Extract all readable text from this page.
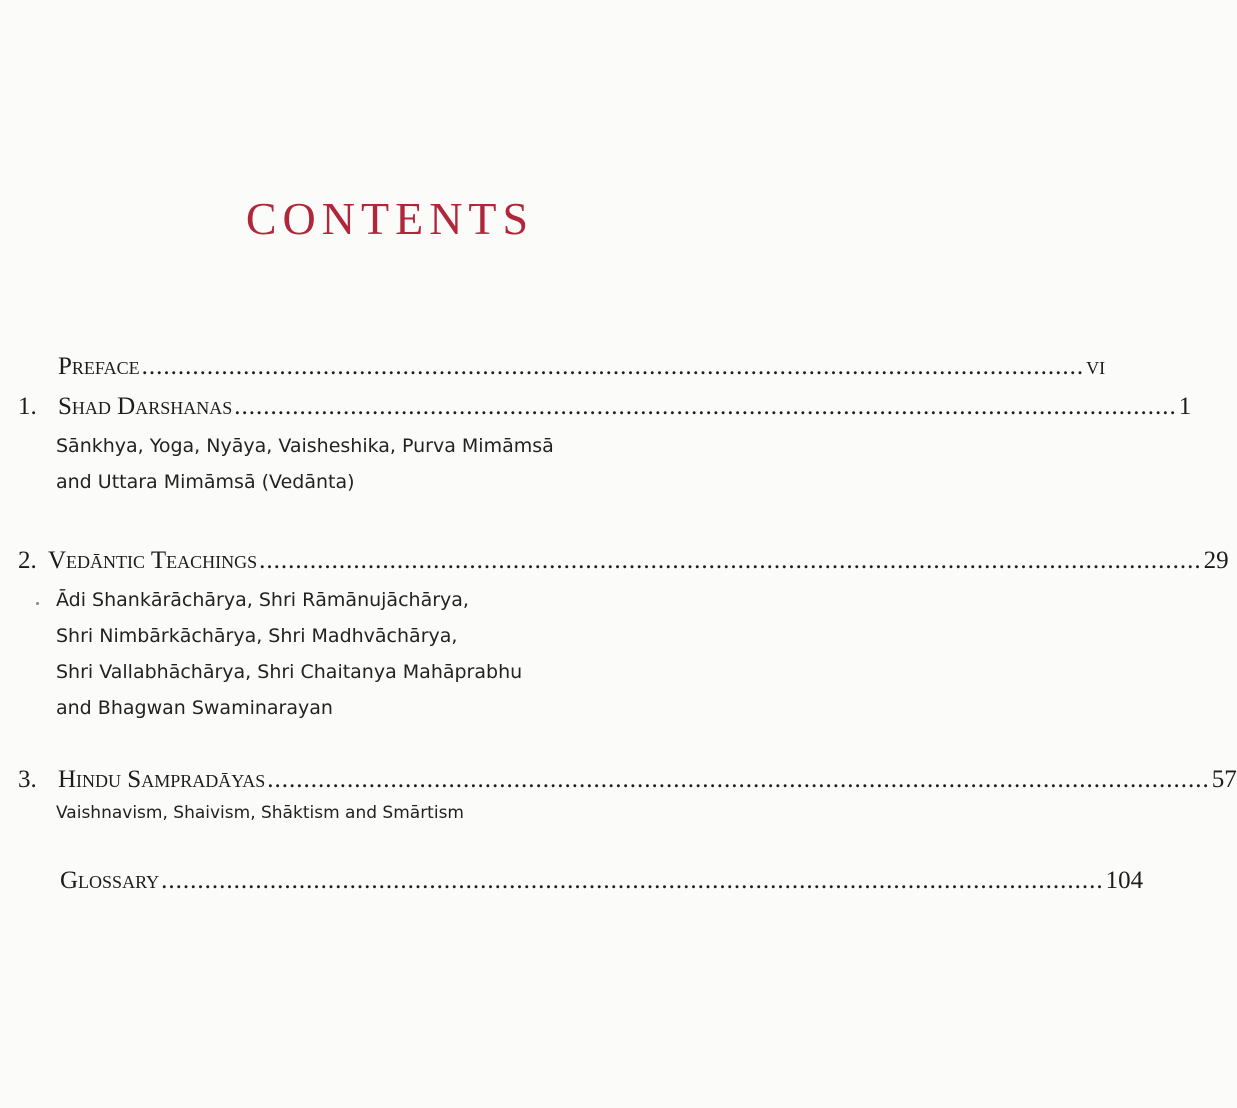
CONTENTS
Preface .................................................................................................................................. vi
1. Shad Darshanas .................................................................................................................................. 1
Sānkhya, Yoga, Nyāya, Vaisheshika, Purva Mimāmsā
and Uttara Mimāmsā (Vedānta)
2. Vedāntic Teachings .................................................................................................................................. 29
Ādi Shankārāchārya, Shri Rāmānujāchārya,
Shri Nimbārkāchārya, Shri Madhvāchārya,
Shri Vallabhāchārya, Shri Chaitanya Mahāprabhu
and Bhagwan Swaminarayan
3. Hindu Sampradāyas .................................................................................................................................. 57
Vaishnavism, Shaivism, Shāktism and Smārtism
Glossary .................................................................................................................................. 104
